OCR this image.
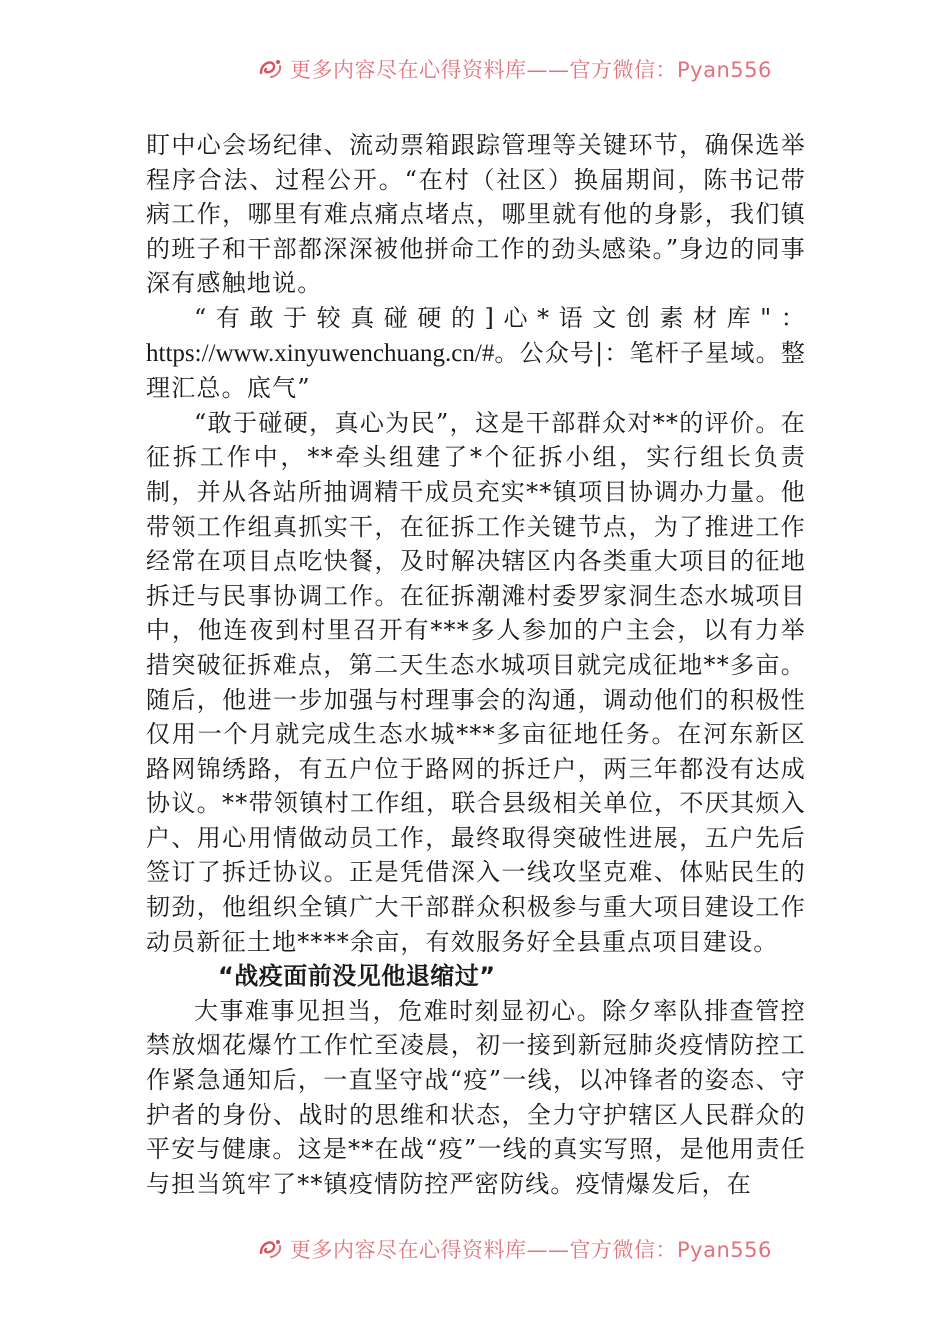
更多内容尽在心得资料库——官方微信：Pyan556

盯中心会场纪律、流动票箱跟踪管理等关键环节，确保选举程序合法、过程公开。“在村（社区）换届期间，陈书记带病工作，哪里有难点痛点堵点，哪里就有他的身影，我们镇的班子和干部都深深被他拼命工作的劲头感染。”身边的同事深有感触地说。

“有敢于较真碰硬的]心*语文创素材库"：https://www.xinyuwenchuang.cn/#。公众号|：笔杆子星域。整理汇总。底气”

“敢于碰硬，真心为民”，这是干部群众对**的评价。在征拆工作中，**牵头组建了*个征拆小组，实行组长负责制，并从各站所抽调精干成员充实**镇项目协调办力量。他带领工作组真抓实干，在征拆工作关键节点，为了推进工作经常在项目点吃快餐，及时解决辖区内各类重大项目的征地拆迁与民事协调工作。在征拆潮滩村委罗家洞生态水城项目中，他连夜到村里召开有***多人参加的户主会，以有力举措突破征拆难点，第二天生态水城项目就完成征地**多亩。随后，他进一步加强与村理事会的沟通，调动他们的积极性仅用一个月就完成生态水城***多亩征地任务。在河东新区路网锦绣路，有五户位于路网的拆迁户，两三年都没有达成协议。**带领镇村工作组，联合县级相关单位，不厌其烦入户、用心用情做动员工作，最终取得突破性进展，五户先后签订了拆迁协议。正是凭借深入一线攻坚克难、体贴民生的韧劲，他组织全镇广大干部群众积极参与重大项目建设工作动员新征土地****余亩，有效服务好全县重点项目建设。

“战疫面前没见他退缩过”

大事难事见担当，危难时刻显初心。除夕率队排查管控禁放烟花爆竹工作忙至凌晨，初一接到新冠肺炎疫情防控工作紧急通知后，一直坚守战“疫”一线，以冲锋者的姿态、守护者的身份、战时的思维和状态，全力守护辖区人民群众的平安与健康。这是**在战“疫”一线的真实写照，是他用责任与担当筑牢了**镇疫情防控严密防线。疫情爆发后，在

更多内容尽在心得资料库——官方微信：Pyan556
